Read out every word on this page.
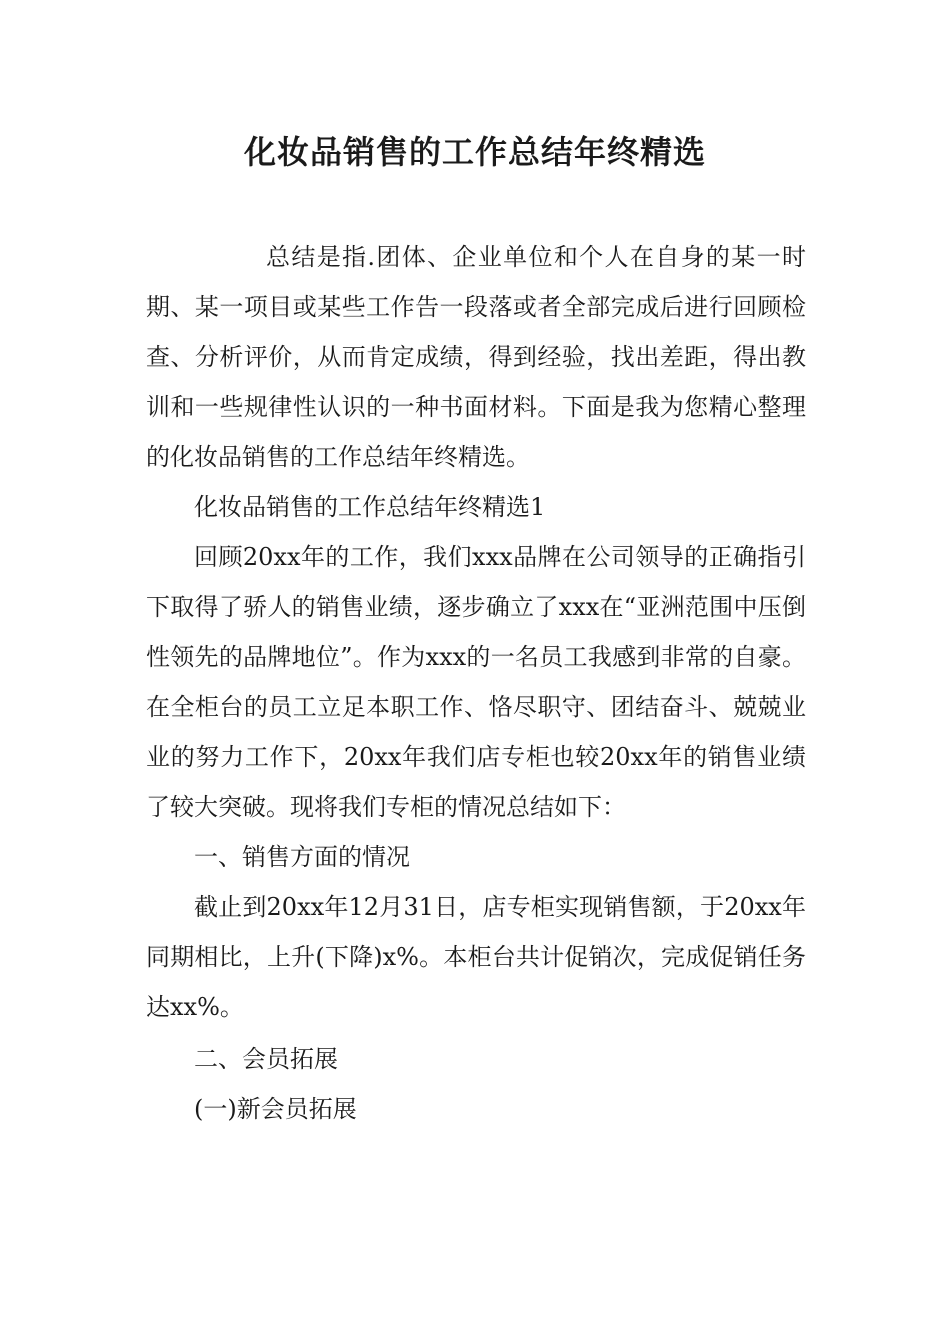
化妆品销售的工作总结年终精选

总结是指.团体、企业单位和个人在自身的某一时期、某一项目或某些工作告一段落或者全部完成后进行回顾检查、分析评价，从而肯定成绩，得到经验，找出差距，得出教训和一些规律性认识的一种书面材料。下面是我为您精心整理的化妆品销售的工作总结年终精选。

化妆品销售的工作总结年终精选1

回顾20xx年的工作，我们xxx品牌在公司领导的正确指引下取得了骄人的销售业绩，逐步确立了xxx在“亚洲范围中压倒性领先的品牌地位”。作为xxx的一名员工我感到非常的自豪。在全柜台的员工立足本职工作、恪尽职守、团结奋斗、兢兢业业的努力工作下，20xx年我们店专柜也较20xx年的销售业绩了较大突破。现将我们专柜的情况总结如下：

一、销售方面的情况

截止到20xx年12月31日，店专柜实现销售额，于20xx年同期相比，上升(下降)x%。本柜台共计促销次，完成促销任务达xx%。

二、会员拓展

(一)新会员拓展
